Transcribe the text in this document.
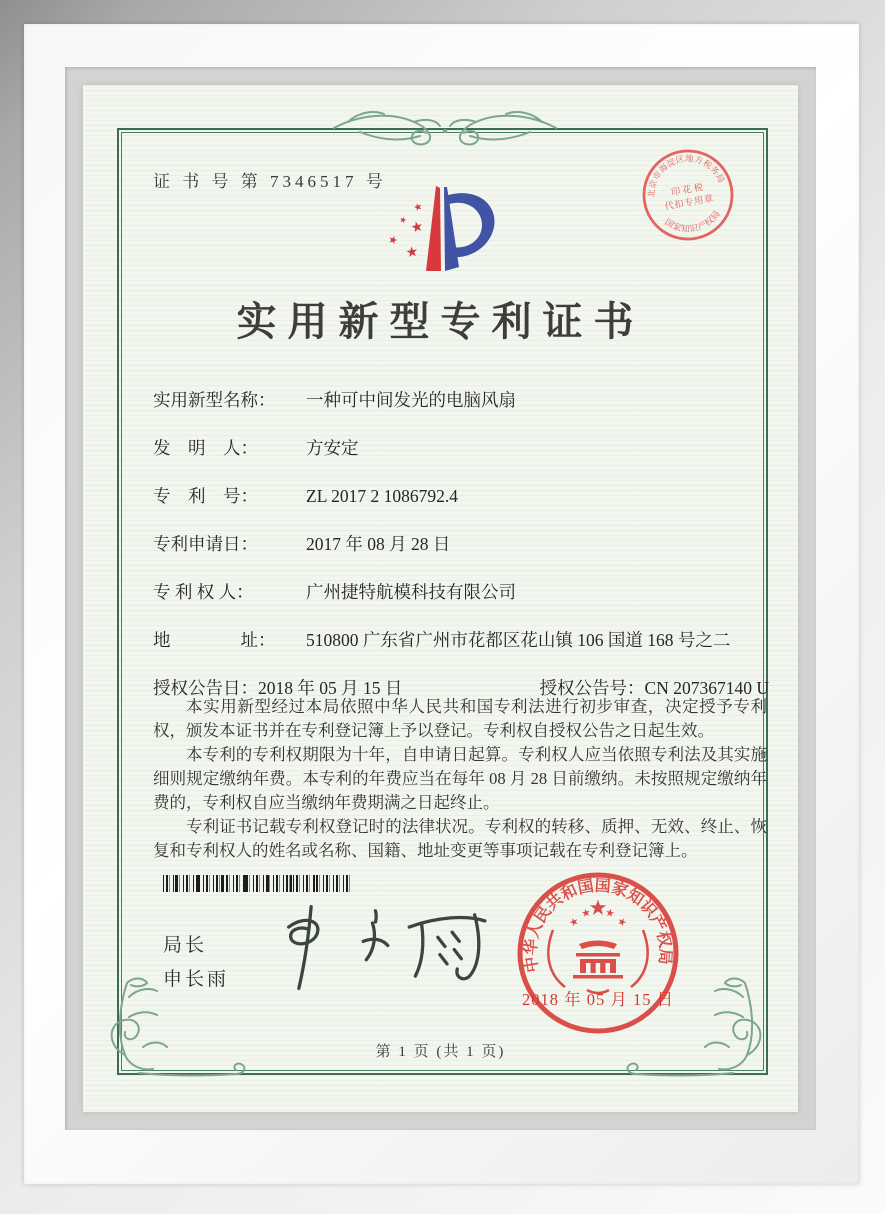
证 书 号 第 7346517 号
北京市海淀区地方税务局
国家知识产权局
印 花 税
代扣专用章
实用新型专利证书
实用新型名称：	一种可中间发光的电脑风扇
发　明　人：	方安定
专　利　号：	ZL 2017 2 1086792.4
专利申请日：	2017 年 08 月 28 日
专 利 权 人：	广州捷特航模科技有限公司
地　　　　址：	510800 广东省广州市花都区花山镇 106 国道 168 号之二
授权公告日： 2018 年 05 月 15 日	授权公告号： CN 207367140 U

本实用新型经过本局依照中华人民共和国专利法进行初步审查，决定授予专利权，颁发本证书并在专利登记簿上予以登记。专利权自授权公告之日起生效。

本专利的专利权期限为十年，自申请日起算。专利权人应当依照专利法及其实施细则规定缴纳年费。本专利的年费应当在每年 08 月 28 日前缴纳。未按照规定缴纳年费的，专利权自应当缴纳年费期满之日起终止。

专利证书记载专利权登记时的法律状况。专利权的转移、质押、无效、终止、恢复和专利权人的姓名或名称、国籍、地址变更等事项记载在专利登记簿上。

局长
申长雨
中华人民共和国国家知识产权局
2018 年 05 月 15 日
第 1 页 (共 1 页)
